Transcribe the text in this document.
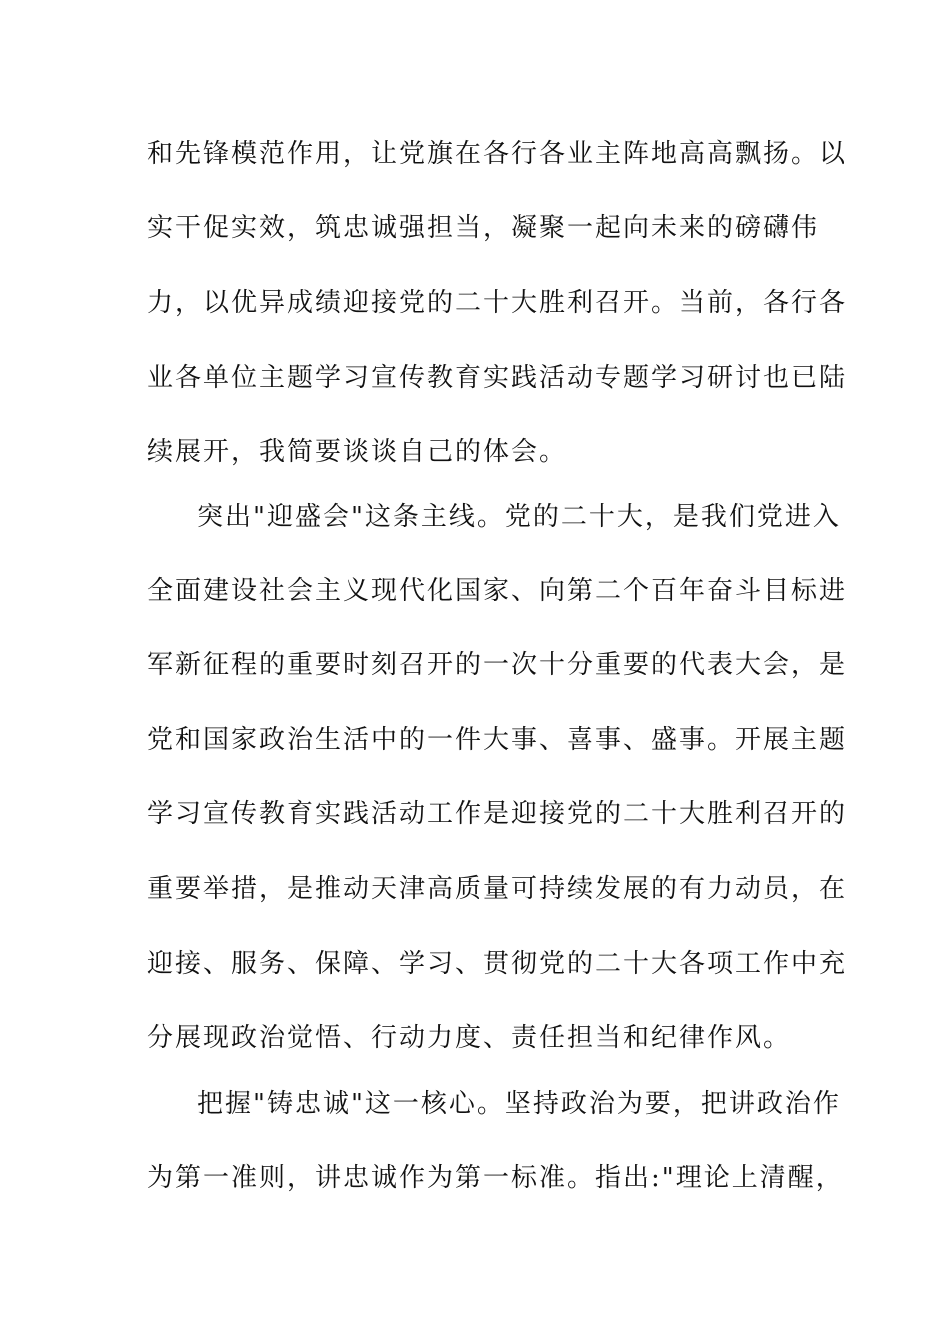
和先锋模范作用，让党旗在各行各业主阵地高高飘扬。以
实干促实效，筑忠诚强担当，凝聚一起向未来的磅礴伟
力，以优异成绩迎接党的二十大胜利召开。当前，各行各
业各单位主题学习宣传教育实践活动专题学习研讨也已陆
续展开，我简要谈谈自己的体会。
突出"迎盛会"这条主线。党的二十大，是我们党进入
全面建设社会主义现代化国家、向第二个百年奋斗目标进
军新征程的重要时刻召开的一次十分重要的代表大会，是
党和国家政治生活中的一件大事、喜事、盛事。开展主题
学习宣传教育实践活动工作是迎接党的二十大胜利召开的
重要举措，是推动天津高质量可持续发展的有力动员，在
迎接、服务、保障、学习、贯彻党的二十大各项工作中充
分展现政治觉悟、行动力度、责任担当和纪律作风。
把握"铸忠诚"这一核心。坚持政治为要，把讲政治作
为第一准则，讲忠诚作为第一标准。指出:"理论上清醒，
